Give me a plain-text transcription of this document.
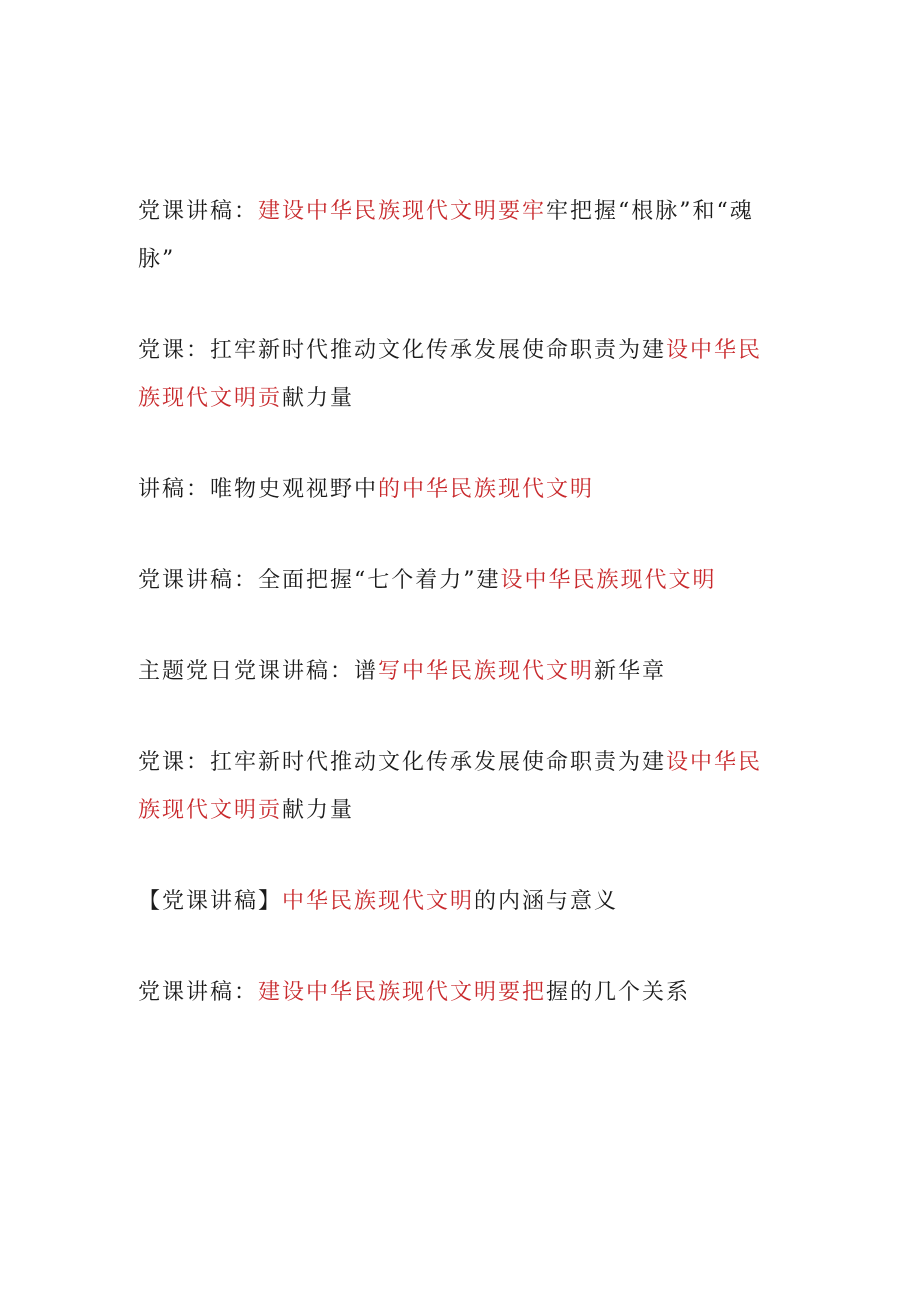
党课讲稿：建设中华民族现代文明要牢牢把握“根脉”和“魂脉”

党课：扛牢新时代推动文化传承发展使命职责为建设中华民族现代文明贡献力量

讲稿：唯物史观视野中的中华民族现代文明

党课讲稿：全面把握“七个着力”建设中华民族现代文明

主题党日党课讲稿：谱写中华民族现代文明新华章

党课：扛牢新时代推动文化传承发展使命职责为建设中华民族现代文明贡献力量

【党课讲稿】中华民族现代文明的内涵与意义

党课讲稿：建设中华民族现代文明要把握的几个关系
